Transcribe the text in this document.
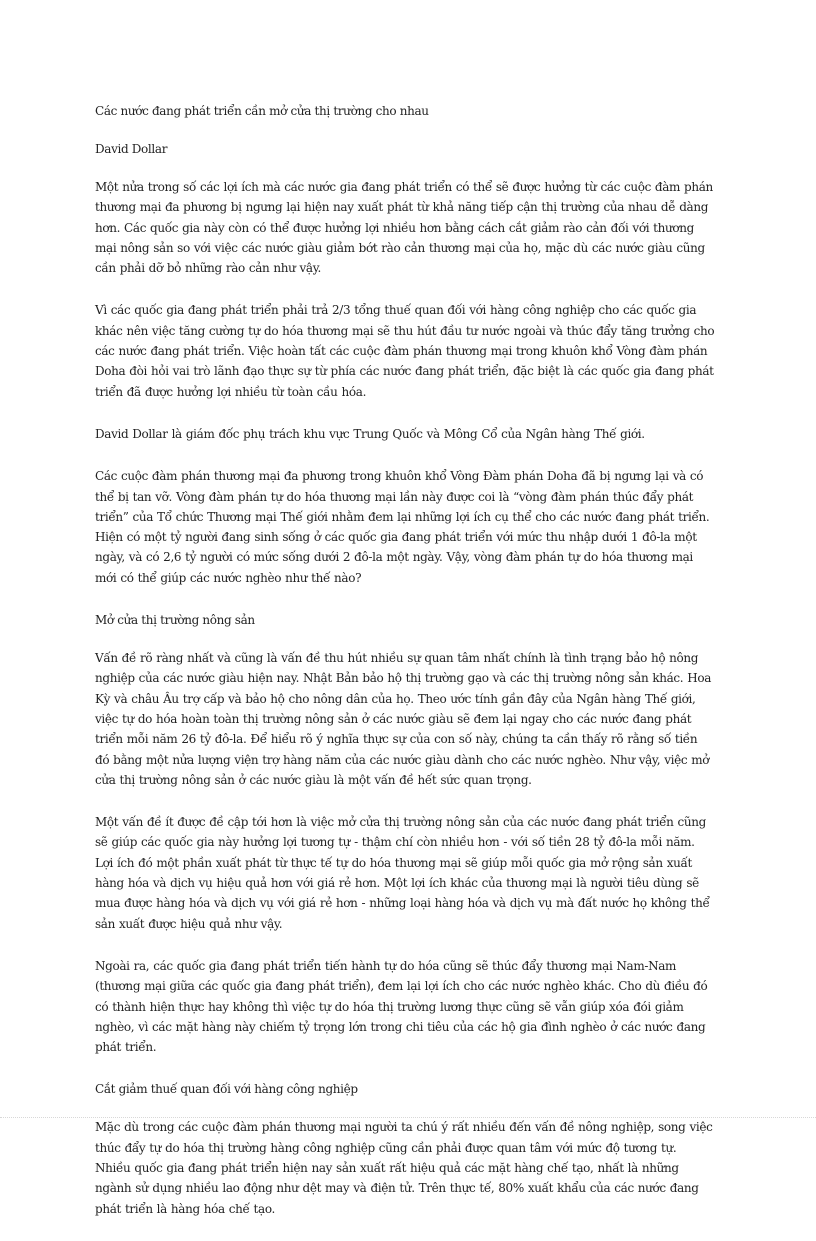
Các nước đang phát triển cần mở cửa thị trường cho nhau

David Dollar

Một nửa trong số các lợi ích mà các nước gia đang phát triển có thể sẽ được hưởng từ các cuộc đàm phán thương mại đa phương bị ngưng lại hiện nay xuất phát từ khả năng tiếp cận thị trường của nhau dễ dàng hơn. Các quốc gia này còn có thể được hưởng lợi nhiều hơn bằng cách cắt giảm rào cản đối với thương mại nông sản so với việc các nước giàu giảm bớt rào cản thương mại của họ, mặc dù các nước giàu cũng cần phải dỡ bỏ những rào cản như vậy.

Vì các quốc gia đang phát triển phải trả 2/3 tổng thuế quan đối với hàng công nghiệp cho các quốc gia khác nên việc tăng cường tự do hóa thương mại sẽ thu hút đầu tư nước ngoài và thúc đẩy tăng trưởng cho các nước đang phát triển. Việc hoàn tất các cuộc đàm phán thương mại trong khuôn khổ Vòng đàm phán Doha đòi hỏi vai trò lãnh đạo thực sự từ phía các nước đang phát triển, đặc biệt là các quốc gia đang phát triển đã được hưởng lợi nhiều từ toàn cầu hóa.

David Dollar là giám đốc phụ trách khu vực Trung Quốc và Mông Cổ của Ngân hàng Thế giới.

Các cuộc đàm phán thương mại đa phương trong khuôn khổ Vòng Đàm phán Doha đã bị ngưng lại và có thể bị tan vỡ. Vòng đàm phán tự do hóa thương mại lần này được coi là “vòng đàm phán thúc đẩy phát triển” của Tổ chức Thương mại Thế giới nhằm đem lại những lợi ích cụ thể cho các nước đang phát triển. Hiện có một tỷ người đang sinh sống ở các quốc gia đang phát triển với mức thu nhập dưới 1 đô-la một ngày, và có 2,6 tỷ người có mức sống dưới 2 đô-la một ngày. Vậy, vòng đàm phán tự do hóa thương mại mới có thể giúp các nước nghèo như thế nào?

Mở cửa thị trường nông sản

Vấn đề rõ ràng nhất và cũng là vấn đề thu hút nhiều sự quan tâm nhất chính là tình trạng bảo hộ nông nghiệp của các nước giàu hiện nay. Nhật Bản bảo hộ thị trường gạo và các thị trường nông sản khác. Hoa Kỳ và châu Âu trợ cấp và bảo hộ cho nông dân của họ. Theo ước tính gần đây của Ngân hàng Thế giới, việc tự do hóa hoàn toàn thị trường nông sản ở các nước giàu sẽ đem lại ngay cho các nước đang phát triển mỗi năm 26 tỷ đô-la. Để hiểu rõ ý nghĩa thực sự của con số này, chúng ta cần thấy rõ rằng số tiền đó bằng một nửa lượng viện trợ hàng năm của các nước giàu dành cho các nước nghèo. Như vậy, việc mở cửa thị trường nông sản ở các nước giàu là một vấn đề hết sức quan trọng.

Một vấn đề ít được đề cập tới hơn là việc mở cửa thị trường nông sản của các nước đang phát triển cũng sẽ giúp các quốc gia này hưởng lợi tương tự - thậm chí còn nhiều hơn - với số tiền 28 tỷ đô-la mỗi năm. Lợi ích đó một phần xuất phát từ thực tế tự do hóa thương mại sẽ giúp mỗi quốc gia mở rộng sản xuất hàng hóa và dịch vụ hiệu quả hơn với giá rẻ hơn. Một lợi ích khác của thương mại là người tiêu dùng sẽ mua được hàng hóa và dịch vụ với giá rẻ hơn - những loại hàng hóa và dịch vụ mà đất nước họ không thể sản xuất được hiệu quả như vậy.

Ngoài ra, các quốc gia đang phát triển tiến hành tự do hóa cũng sẽ thúc đẩy thương mại Nam-Nam (thương mại giữa các quốc gia đang phát triển), đem lại lợi ích cho các nước nghèo khác. Cho dù điều đó có thành hiện thực hay không thì việc tự do hóa thị trường lương thực cũng sẽ vẫn giúp xóa đói giảm nghèo, vì các mặt hàng này chiếm tỷ trọng lớn trong chi tiêu của các hộ gia đình nghèo ở các nước đang phát triển.

Cắt giảm thuế quan đối với hàng công nghiệp

Mặc dù trong các cuộc đàm phán thương mại người ta chú ý rất nhiều đến vấn đề nông nghiệp, song việc thúc đẩy tự do hóa thị trường hàng công nghiệp cũng cần phải được quan tâm với mức độ tương tự. Nhiều quốc gia đang phát triển hiện nay sản xuất rất hiệu quả các mặt hàng chế tạo, nhất là những ngành sử dụng nhiều lao động như dệt may và điện tử. Trên thực tế, 80% xuất khẩu của các nước đang phát triển là hàng hóa chế tạo.
